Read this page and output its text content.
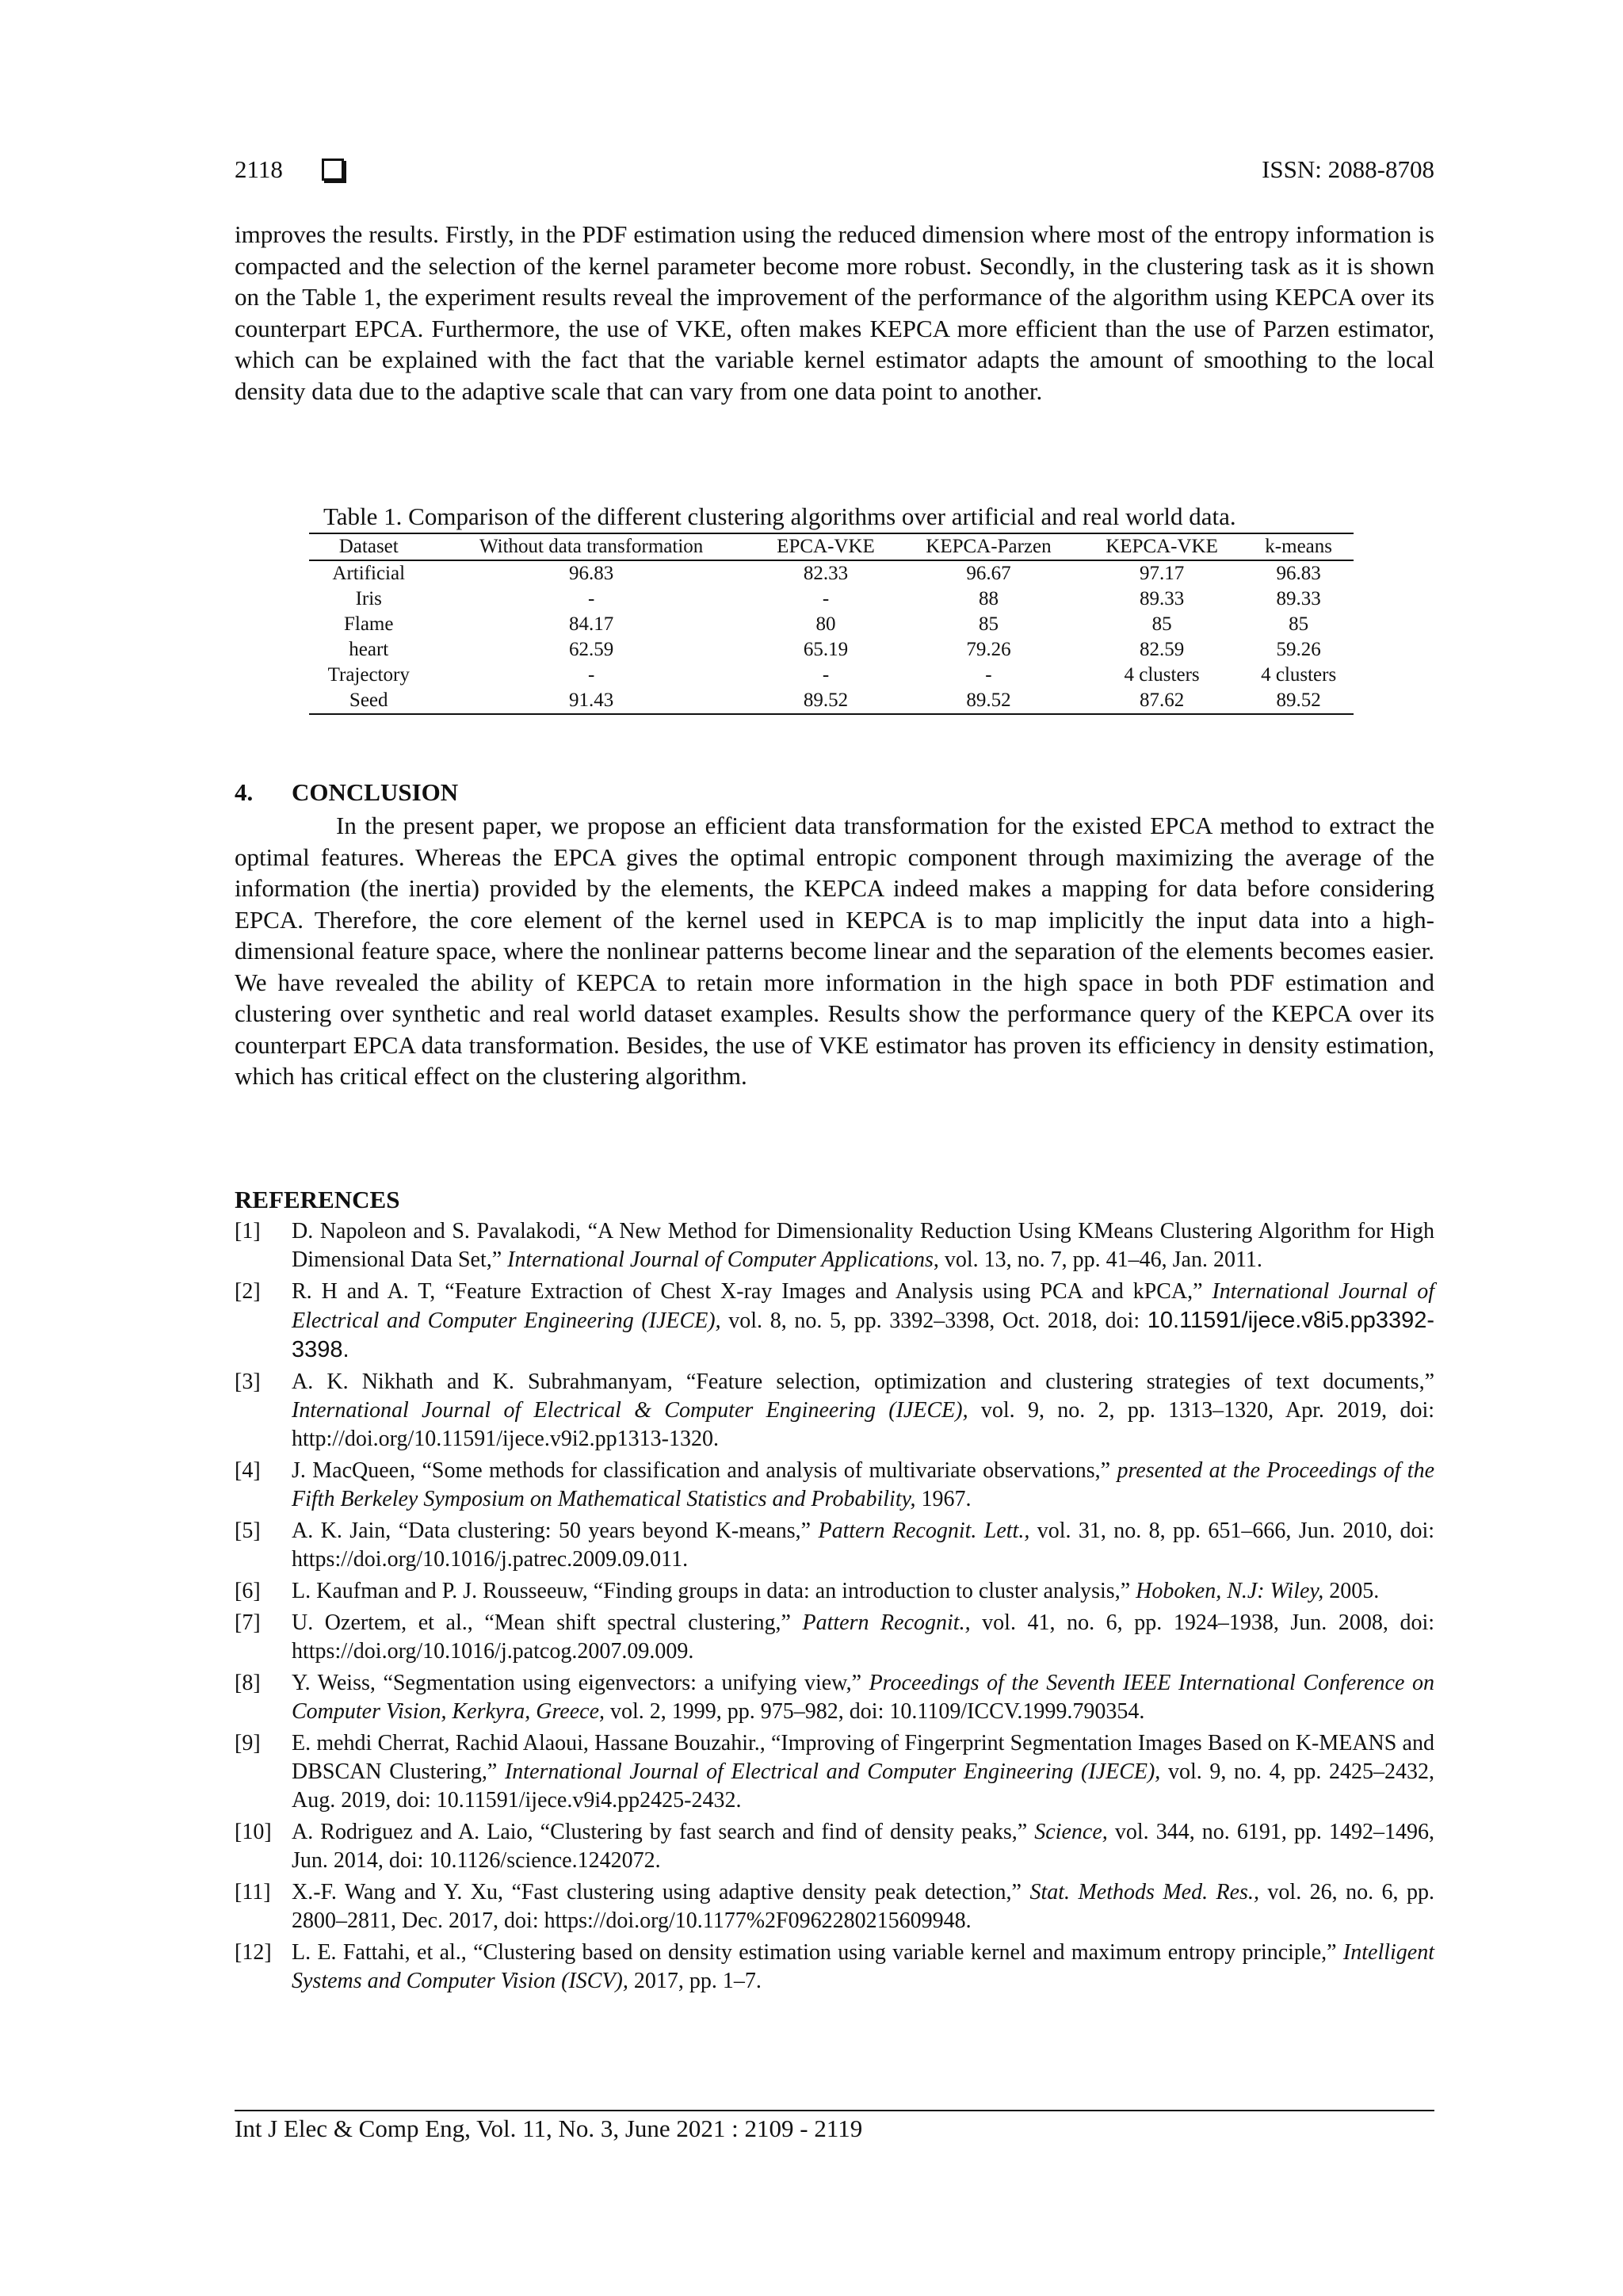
2118	ISSN: 2088-8708

improves the results. Firstly, in the PDF estimation using the reduced dimension where most of the entropy information is compacted and the selection of the kernel parameter become more robust. Secondly, in the clustering task as it is shown on the Table 1, the experiment results reveal the improvement of the performance of the algorithm using KEPCA over its counterpart EPCA. Furthermore, the use of VKE, often makes KEPCA more efficient than the use of Parzen estimator, which can be explained with the fact that the variable kernel estimator adapts the amount of smoothing to the local density data due to the adaptive scale that can vary from one data point to another.

Table 1. Comparison of the different clustering algorithms over artificial and real world data.
Dataset	Without data transformation	EPCA-VKE	KEPCA-Parzen	KEPCA-VKE	k-means
Artificial	96.83	82.33	96.67	97.17	96.83
Iris	-	-	88	89.33	89.33
Flame	84.17	80	85	85	85
heart	62.59	65.19	79.26	82.59	59.26
Trajectory	-	-	-	4 clusters	4 clusters
Seed	91.43	89.52	89.52	87.62	89.52
4. CONCLUSION

In the present paper, we propose an efficient data transformation for the existed EPCA method to extract the optimal features. Whereas the EPCA gives the optimal entropic component through maximizing the average of the information (the inertia) provided by the elements, the KEPCA indeed makes a mapping for data before considering EPCA. Therefore, the core element of the kernel used in KEPCA is to map implicitly the input data into a high-dimensional feature space, where the nonlinear patterns become linear and the separation of the elements becomes easier. We have revealed the ability of KEPCA to retain more information in the high space in both PDF estimation and clustering over synthetic and real world dataset examples. Results show the performance query of the KEPCA over its counterpart EPCA data transformation. Besides, the use of VKE estimator has proven its efficiency in density estimation, which has critical effect on the clustering algorithm.

REFERENCES
[1] D. Napoleon and S. Pavalakodi, “A New Method for Dimensionality Reduction Using KMeans Clustering Algorithm for High Dimensional Data Set,” International Journal of Computer Applications, vol. 13, no. 7, pp. 41–46, Jan. 2011.
[2] R. H and A. T, “Feature Extraction of Chest X-ray Images and Analysis using PCA and kPCA,” International Journal of Electrical and Computer Engineering (IJECE), vol. 8, no. 5, pp. 3392–3398, Oct. 2018, doi: 10.11591/ijece.v8i5.pp3392-3398.
[3] A. K. Nikhath and K. Subrahmanyam, “Feature selection, optimization and clustering strategies of text documents,” International Journal of Electrical & Computer Engineering (IJECE), vol. 9, no. 2, pp. 1313–1320, Apr. 2019, doi: http://doi.org/10.11591/ijece.v9i2.pp1313-1320.
[4] J. MacQueen, “Some methods for classification and analysis of multivariate observations,” presented at the Proceedings of the Fifth Berkeley Symposium on Mathematical Statistics and Probability, 1967.
[5] A. K. Jain, “Data clustering: 50 years beyond K-means,” Pattern Recognit. Lett., vol. 31, no. 8, pp. 651–666, Jun. 2010, doi: https://doi.org/10.1016/j.patrec.2009.09.011.
[6] L. Kaufman and P. J. Rousseeuw, “Finding groups in data: an introduction to cluster analysis,” Hoboken, N.J: Wiley, 2005.
[7] U. Ozertem, et al., “Mean shift spectral clustering,” Pattern Recognit., vol. 41, no. 6, pp. 1924–1938, Jun. 2008, doi: https://doi.org/10.1016/j.patcog.2007.09.009.
[8] Y. Weiss, “Segmentation using eigenvectors: a unifying view,” Proceedings of the Seventh IEEE International Conference on Computer Vision, Kerkyra, Greece, vol. 2, 1999, pp. 975–982, doi: 10.1109/ICCV.1999.790354.
[9] E. mehdi Cherrat, Rachid Alaoui, Hassane Bouzahir., “Improving of Fingerprint Segmentation Images Based on K-MEANS and DBSCAN Clustering,” International Journal of Electrical and Computer Engineering (IJECE), vol. 9, no. 4, pp. 2425–2432, Aug. 2019, doi: 10.11591/ijece.v9i4.pp2425-2432.
[10] A. Rodriguez and A. Laio, “Clustering by fast search and find of density peaks,” Science, vol. 344, no. 6191, pp. 1492–1496, Jun. 2014, doi: 10.1126/science.1242072.
[11] X.-F. Wang and Y. Xu, “Fast clustering using adaptive density peak detection,” Stat. Methods Med. Res., vol. 26, no. 6, pp. 2800–2811, Dec. 2017, doi: https://doi.org/10.1177%2F0962280215609948.
[12] L. E. Fattahi, et al., “Clustering based on density estimation using variable kernel and maximum entropy principle,” Intelligent Systems and Computer Vision (ISCV), 2017, pp. 1–7.
Int J Elec & Comp Eng, Vol. 11, No. 3, June 2021 : 2109 - 2119
